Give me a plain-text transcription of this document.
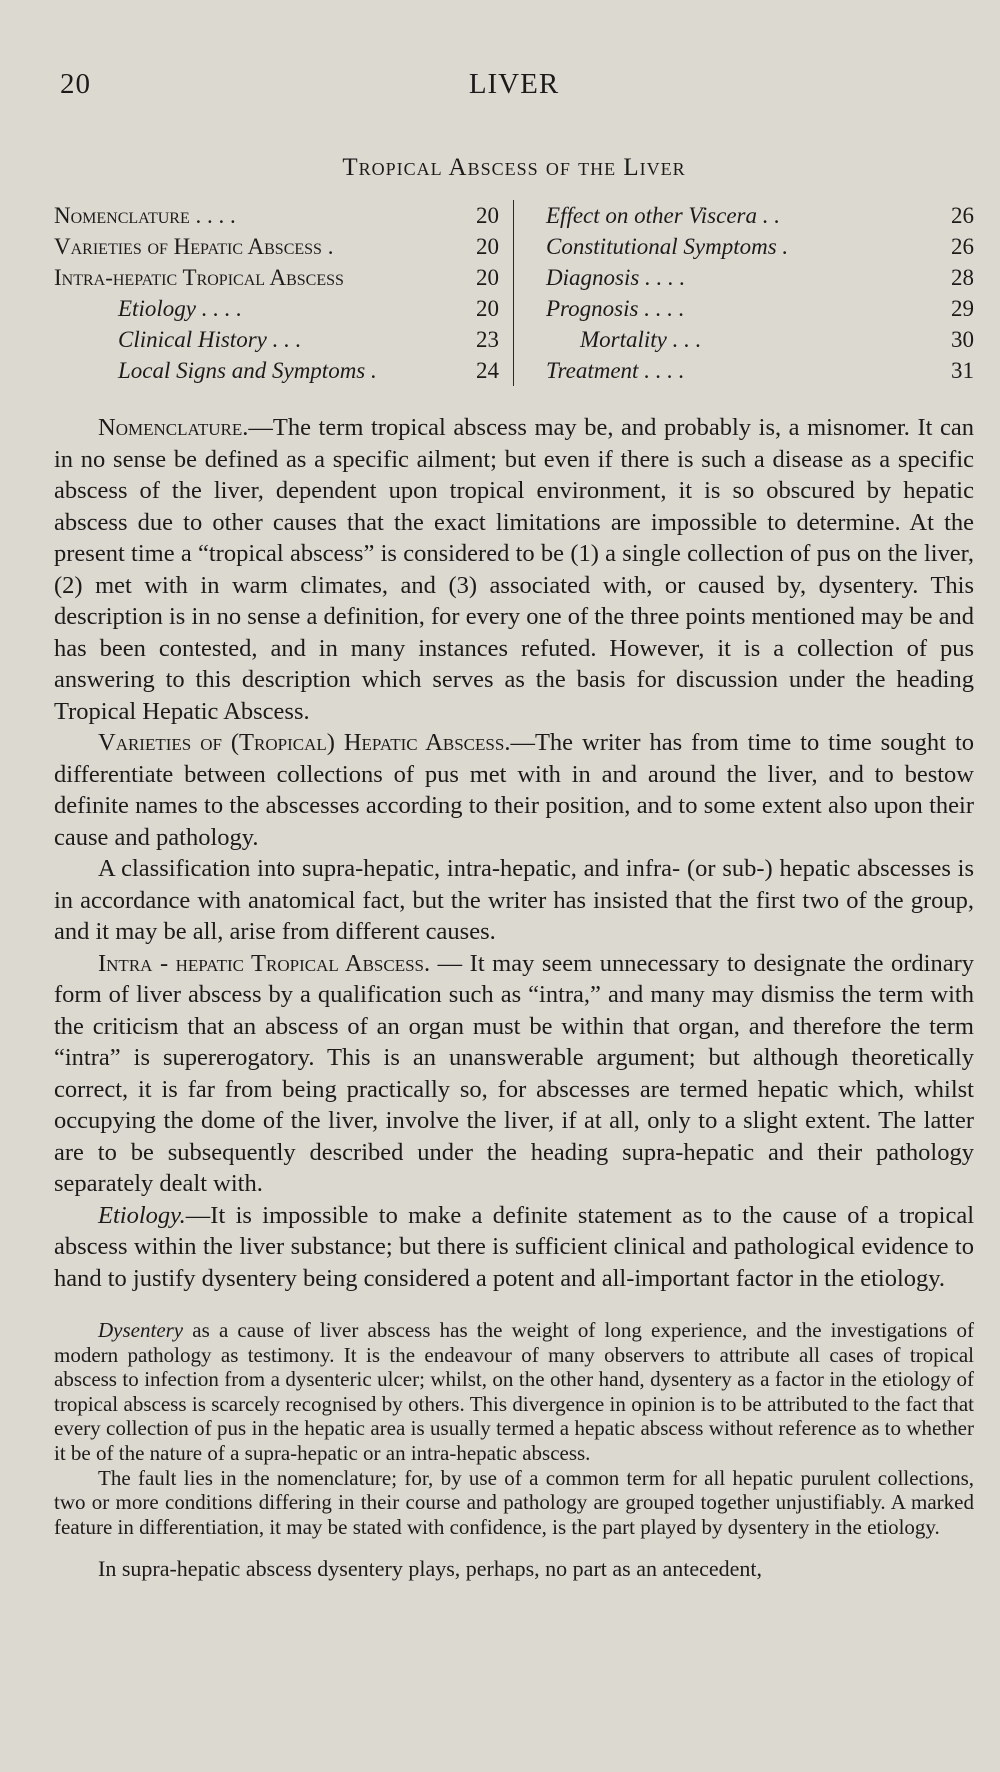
20	LIVER
Tropical Abscess of the Liver
Nomenclature . . . .	20
Varieties of Hepatic Abscess .	20
Intra-hepatic Tropical Abscess	20
Etiology . . . .	20
Clinical History . . .	23
Local Signs and Symptoms .	24
Effect on other Viscera . .	26
Constitutional Symptoms .	26
Diagnosis . . . .	28
Prognosis . . . .	29
Mortality . . .	30
Treatment . . . .	31

Nomenclature.—The term tropical abscess may be, and probably is, a misnomer. It can in no sense be defined as a specific ailment; but even if there is such a disease as a specific abscess of the liver, dependent upon tropical environment, it is so obscured by hepatic abscess due to other causes that the exact limitations are impossible to determine. At the present time a “tropical abscess” is considered to be (1) a single collection of pus on the liver, (2) met with in warm climates, and (3) associated with, or caused by, dysentery. This description is in no sense a definition, for every one of the three points mentioned may be and has been contested, and in many instances refuted. However, it is a collection of pus answering to this description which serves as the basis for discussion under the heading Tropical Hepatic Abscess.

Varieties of (Tropical) Hepatic Abscess.—The writer has from time to time sought to differentiate between collections of pus met with in and around the liver, and to bestow definite names to the abscesses according to their position, and to some extent also upon their cause and pathology.

A classification into supra-hepatic, intra-hepatic, and infra- (or sub-) hepatic abscesses is in accordance with anatomical fact, but the writer has insisted that the first two of the group, and it may be all, arise from different causes.

Intra - hepatic Tropical Abscess. — It may seem unnecessary to designate the ordinary form of liver abscess by a qualification such as “intra,” and many may dismiss the term with the criticism that an abscess of an organ must be within that organ, and therefore the term “intra” is supererogatory. This is an unanswerable argument; but although theoretically correct, it is far from being practically so, for abscesses are termed hepatic which, whilst occupying the dome of the liver, involve the liver, if at all, only to a slight extent. The latter are to be subsequently described under the heading supra-hepatic and their pathology separately dealt with.

Etiology.—It is impossible to make a definite statement as to the cause of a tropical abscess within the liver substance; but there is sufficient clinical and pathological evidence to hand to justify dysentery being considered a potent and all-important factor in the etiology.

Dysentery as a cause of liver abscess has the weight of long experience, and the investigations of modern pathology as testimony. It is the endeavour of many observers to attribute all cases of tropical abscess to infection from a dysenteric ulcer; whilst, on the other hand, dysentery as a factor in the etiology of tropical abscess is scarcely recognised by others. This divergence in opinion is to be attributed to the fact that every collection of pus in the hepatic area is usually termed a hepatic abscess without reference as to whether it be of the nature of a supra-hepatic or an intra-hepatic abscess.

The fault lies in the nomenclature; for, by use of a common term for all hepatic purulent collections, two or more conditions differing in their course and pathology are grouped together unjustifiably. A marked feature in differentiation, it may be stated with confidence, is the part played by dysentery in the etiology.

In supra-hepatic abscess dysentery plays, perhaps, no part as an antecedent,
